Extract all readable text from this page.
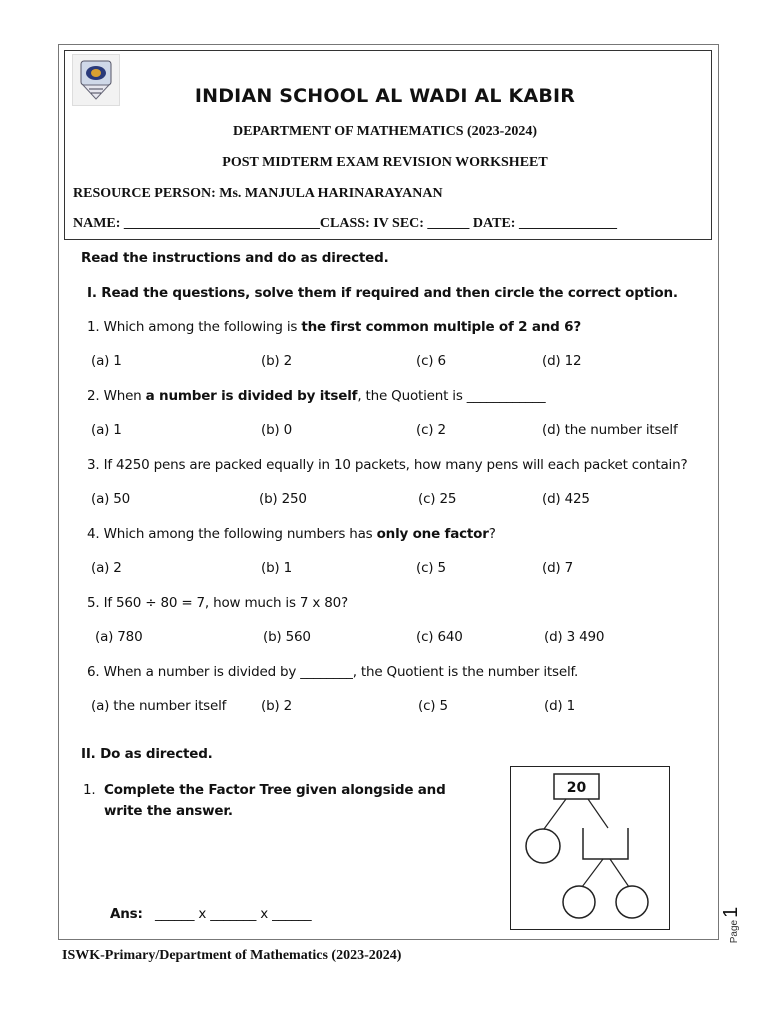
INDIAN SCHOOL AL WADI AL KABIR
DEPARTMENT OF MATHEMATICS (2023-2024)
POST MIDTERM EXAM REVISION WORKSHEET
RESOURCE PERSON: Ms. MANJULA HARINARAYANAN
NAME: ____________________________CLASS: IV SEC: ______ DATE: ______________
Read the instructions and do as directed.
I. Read the questions, solve them if required and then circle the correct option.
1. Which among the following is the first common multiple of 2 and 6?
(a) 1	(b) 2	(c) 6	(d) 12
2. When a number is divided by itself, the Quotient is ____________
(a) 1	(b) 0	(c) 2	(d) the number itself
3. If 4250 pens are packed equally in 10 packets, how many pens will each packet contain?
(a) 50	(b) 250	(c) 25	(d) 425
4. Which among the following numbers has only one factor?
(a) 2	(b) 1	(c) 5	(d) 7
5. If 560 ÷ 80 = 7, how much is 7 x 80?
(a) 780	(b) 560	(c) 640	(d) 3 490
6. When a number is divided by ________, the Quotient is the number itself.
(a) the number itself	(b) 2	(c) 5	(d) 1
II. Do as directed.
1. Complete the Factor Tree given alongside and
write the answer.
Ans: ______ x _______ x ______
20
Page
1
ISWK-Primary/Department of Mathematics (2023-2024)
